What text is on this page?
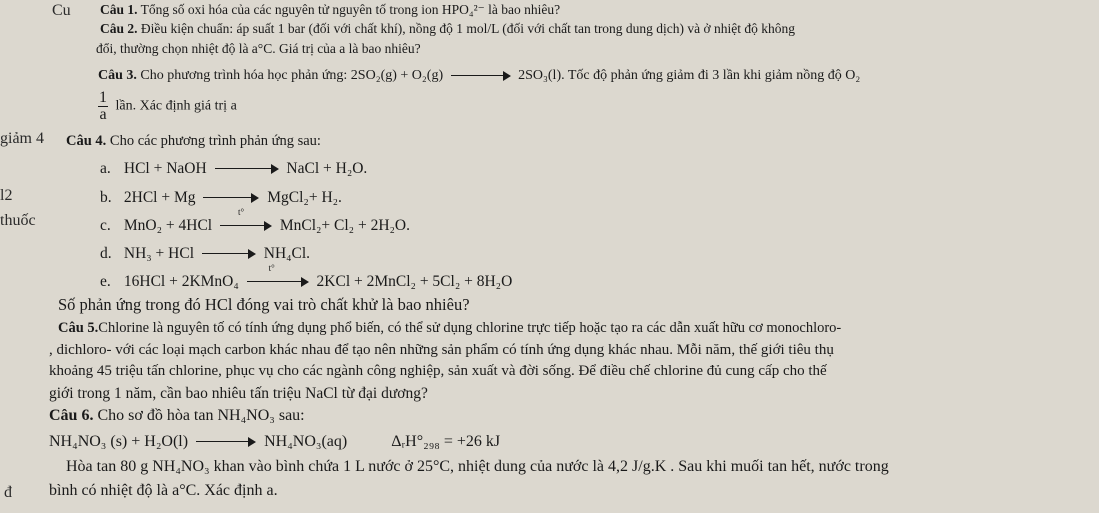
Cu
giảm 4
l2
thuốc
đ
Câu 1. Tổng số oxi hóa của các nguyên tử nguyên tố trong ion HPO₄²⁻ là bao nhiêu?
Câu 2. Điều kiện chuẩn: áp suất 1 bar (đối với chất khí), nồng độ 1 mol/L (đối với chất tan trong dung dịch) và ở nhiệt độ không
đổi, thường chọn nhiệt độ là a°C. Giá trị của a là bao nhiêu?
Câu 3. Cho phương trình hóa học phản ứng: 2SO₂(g) + O₂(g)	2SO₃(l). Tốc độ phản ứng giảm đi 3 lần khi giảm nồng độ O₂
$\frac{1}{a}$ lần. Xác định giá trị a
Câu 4. Cho các phương trình phản ứng sau:
a. HCl + NaOH	NaCl + H₂O.
b. 2HCl + Mg	MgCl₂+ H₂.
c. MnO₂ + 4HCl
t°
MnCl₂+ Cl₂ + 2H₂O.
d. NH₃ + HCl	NH₄Cl.
e. 16HCl + 2KMnO₄
t°
2KCl + 2MnCl₂ + 5Cl₂ + 8H₂O
Số phản ứng trong đó HCl đóng vai trò chất khử là bao nhiêu?
Câu 5.Chlorine là nguyên tố có tính ứng dụng phổ biến, có thể sử dụng chlorine trực tiếp hoặc tạo ra các dẫn xuất hữu cơ monochloro-
, dichloro- với các loại mạch carbon khác nhau để tạo nên những sản phẩm có tính ứng dụng khác nhau. Mỗi năm, thế giới tiêu thụ
khoảng 45 triệu tấn chlorine, phục vụ cho các ngành công nghiệp, sản xuất và đời sống. Để điều chế chlorine đủ cung cấp cho thế
giới trong 1 năm, cần bao nhiêu tấn triệu NaCl từ đại dương?
Câu 6. Cho sơ đồ hòa tan NH₄NO₃ sau:
NH₄NO₃ (s) + H₂O(l)	NH₄NO₃(aq)	ΔᵣH°₂₉₈ = +26 kJ
Hòa tan 80 g NH₄NO₃ khan vào bình chứa 1 L nước ở 25°C, nhiệt dung của nước là 4,2 J/g.K . Sau khi muối tan hết, nước trong
bình có nhiệt độ là a°C. Xác định a.
